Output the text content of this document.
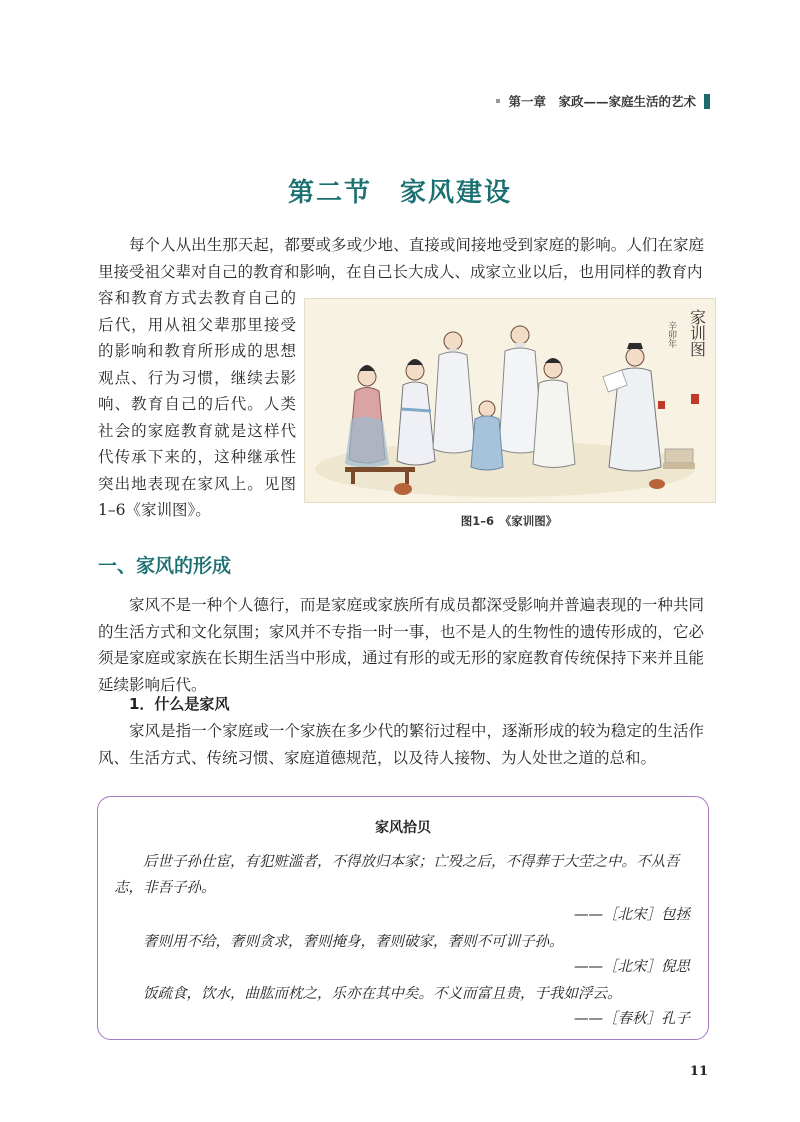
第一章　家政——家庭生活的艺术
第二节　家风建设

每个人从出生那天起，都要或多或少地、直接或间接地受到家庭的影响。人们在家庭里接受祖父辈对自己的教育和影响，在自己长大成人、成家立业以后，也用同样的教育内

容和教育方式去教育自己的后代，用从祖父辈那里接受的影响和教育所形成的思想观点、行为习惯，继续去影响、教育自己的后代。人类社会的家庭教育就是这样代代传承下来的，这种继承性突出地表现在家风上。见图1–6《家训图》。

家训图
辛卯年
图1–6　《家训图》
一、家风的形成

家风不是一种个人德行，而是家庭或家族所有成员都深受影响并普遍表现的一种共同的生活方式和文化氛围；家风并不专指一时一事，也不是人的生物性的遗传形成的，它必须是家庭或家族在长期生活当中形成，通过有形的或无形的家庭教育传统保持下来并且能延续影响后代。

1．什么是家风

家风是指一个家庭或一个家族在多少代的繁衍过程中，逐渐形成的较为稳定的生活作风、生活方式、传统习惯、家庭道德规范，以及待人接物、为人处世之道的总和。

家风拾贝

后世子孙仕宦，有犯赃滥者，不得放归本家；亡殁之后，不得葬于大茔之中。不从吾志，非吾子孙。

——［北宋］包拯

奢则用不给，奢则贪求，奢则掩身，奢则破家，奢则不可训子孙。

——［北宋］倪思

饭疏食，饮水，曲肱而枕之，乐亦在其中矣。不义而富且贵，于我如浮云。

——［春秋］孔子
11
